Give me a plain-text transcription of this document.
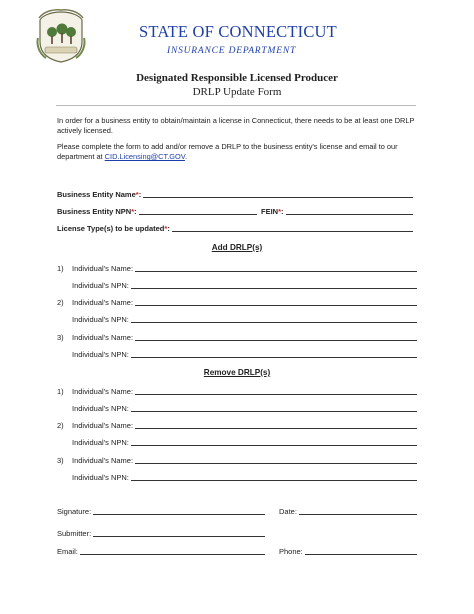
STATE OF CONNECTICUT
INSURANCE DEPARTMENT
Designated Responsible Licensed Producer
DRLP Update Form
In order for a business entity to obtain/maintain a license in Connecticut, there needs to be at least one DRLP actively licensed.
Please complete the form to add and/or remove a DRLP to the business entity's license and email to our department at CID.Licensing@CT.GOV.
Business Entity Name*:
Business Entity NPN*:	FEIN*:
License Type(s) to be updated*:
Add DRLP(s)
1) Individual's Name:
Individual's NPN:
2) Individual's Name:
Individual's NPN:
3) Individual's Name:
Individual's NPN:
Remove DRLP(s)
1) Individual's Name:
Individual's NPN:
2) Individual's Name:
Individual's NPN:
3) Individual's Name:
Individual's NPN:
Signature:	Date:
Submitter:
Email:	Phone:
